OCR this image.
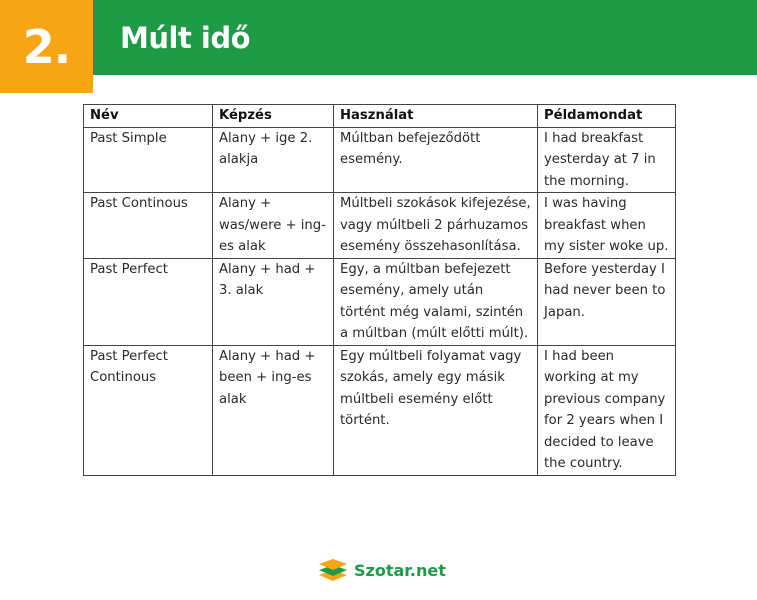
2. Múlt idő
Név	Képzés	Használat	Példamondat
Past Simple	Alany + ige 2. alakja	Múltban befejeződött esemény.	I had breakfast yesterday at 7 in the morning.
Past Continous	Alany + was/were + ing-es alak	Múltbeli szokások kifejezése, vagy múltbeli 2 párhuzamos esemény összehasonlítása.	I was having breakfast when my sister woke up.
Past Perfect	Alany + had + 3. alak	Egy, a múltban befejezett esemény, amely után történt még valami, szintén a múltban (múlt előtti múlt).	Before yesterday I had never been to Japan.
Past Perfect Continous	Alany + had + been + ing-es alak	Egy múltbeli folyamat vagy szokás, amely egy másik múltbeli esemény előtt történt.	I had been working at my previous company for 2 years when I decided to leave the country.
Szotar.net
